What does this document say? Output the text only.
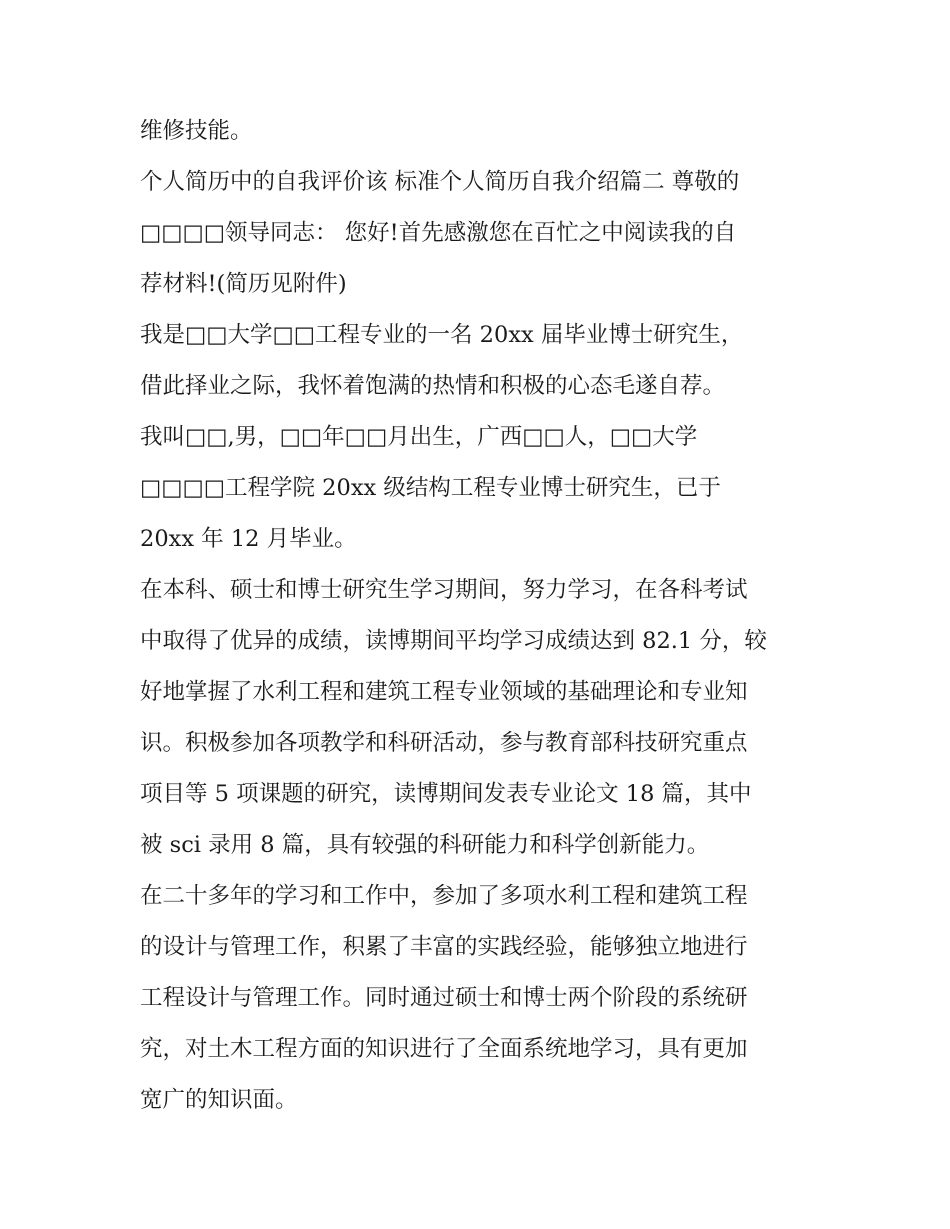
维修技能。
个人简历中的自我评价该 标准个人简历自我介绍篇二 尊敬的
□□□□领导同志： 您好!首先感激您在百忙之中阅读我的自
荐材料!(简历见附件)
我是□□大学□□工程专业的一名 20xx 届毕业博士研究生，
借此择业之际，我怀着饱满的热情和积极的心态毛遂自荐。
我叫□□,男，□□年□□月出生，广西□□人，□□大学
□□□□工程学院 20xx 级结构工程专业博士研究生，已于
20xx 年 12 月毕业。
在本科、硕士和博士研究生学习期间，努力学习，在各科考试
中取得了优异的成绩，读博期间平均学习成绩达到 82.1 分，较
好地掌握了水利工程和建筑工程专业领域的基础理论和专业知
识。积极参加各项教学和科研活动，参与教育部科技研究重点
项目等 5 项课题的研究，读博期间发表专业论文 18 篇，其中
被 sci 录用 8 篇，具有较强的科研能力和科学创新能力。
在二十多年的学习和工作中，参加了多项水利工程和建筑工程
的设计与管理工作，积累了丰富的实践经验，能够独立地进行
工程设计与管理工作。同时通过硕士和博士两个阶段的系统研
究，对土木工程方面的知识进行了全面系统地学习，具有更加
宽广的知识面。
